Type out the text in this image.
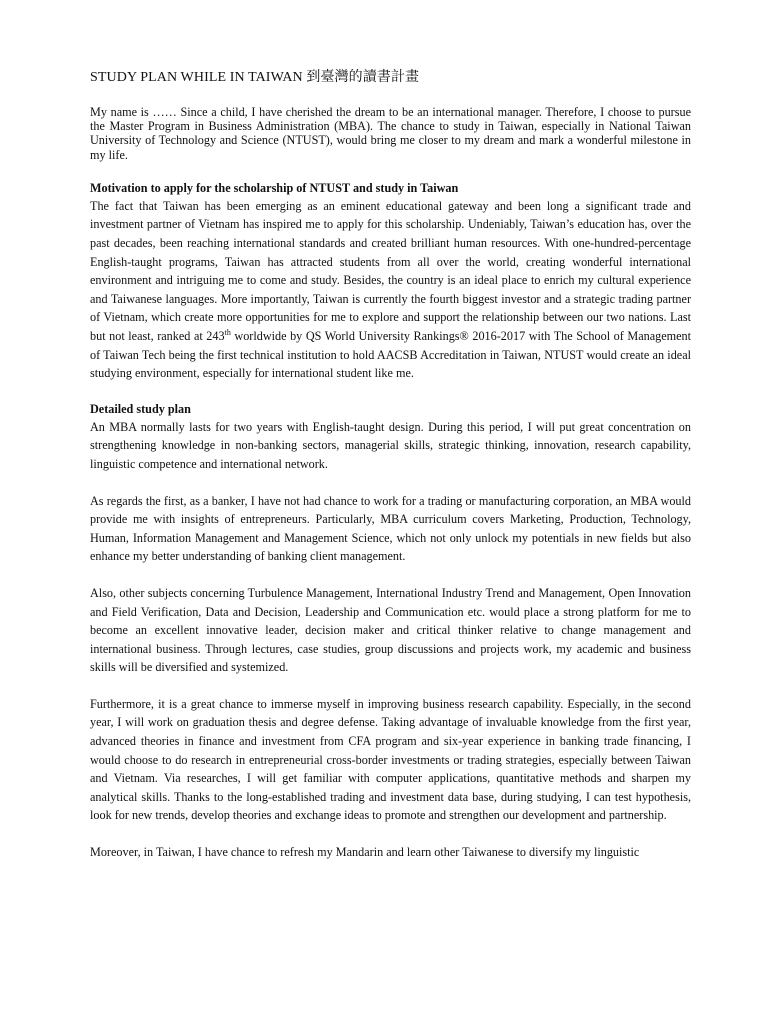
STUDY PLAN WHILE IN TAIWAN 到臺灣的讀書計畫

My name is …… Since a child, I have cherished the dream to be an international manager. Therefore, I choose to pursue the Master Program in Business Administration (MBA). The chance to study in Taiwan, especially in National Taiwan University of Technology and Science (NTUST), would bring me closer to my dream and mark a wonderful milestone in my life.

Motivation to apply for the scholarship of NTUST and study in Taiwan

The fact that Taiwan has been emerging as an eminent educational gateway and been long a significant trade and investment partner of Vietnam has inspired me to apply for this scholarship. Undeniably, Taiwan’s education has, over the past decades, been reaching international standards and created brilliant human resources. With one-hundred-percentage English-taught programs, Taiwan has attracted students from all over the world, creating wonderful international environment and intriguing me to come and study. Besides, the country is an ideal place to enrich my cultural experience and Taiwanese languages. More importantly, Taiwan is currently the fourth biggest investor and a strategic trading partner of Vietnam, which create more opportunities for me to explore and support the relationship between our two nations. Last but not least, ranked at 243th worldwide by QS World University Rankings® 2016-2017 with The School of Management of Taiwan Tech being the first technical institution to hold AACSB Accreditation in Taiwan, NTUST would create an ideal studying environment, especially for international student like me.

Detailed study plan

An MBA normally lasts for two years with English-taught design. During this period, I will put great concentration on strengthening knowledge in non-banking sectors, managerial skills, strategic thinking, innovation, research capability, linguistic competence and international network.

As regards the first, as a banker, I have not had chance to work for a trading or manufacturing corporation, an MBA would provide me with insights of entrepreneurs. Particularly, MBA curriculum covers Marketing, Production, Technology, Human, Information Management and Management Science, which not only unlock my potentials in new fields but also enhance my better understanding of banking client management.

Also, other subjects concerning Turbulence Management, International Industry Trend and Management, Open Innovation and Field Verification, Data and Decision, Leadership and Communication etc. would place a strong platform for me to become an excellent innovative leader, decision maker and critical thinker relative to change management and international business. Through lectures, case studies, group discussions and projects work, my academic and business skills will be diversified and systemized.

Furthermore, it is a great chance to immerse myself in improving business research capability. Especially, in the second year, I will work on graduation thesis and degree defense. Taking advantage of invaluable knowledge from the first year, advanced theories in finance and investment from CFA program and six-year experience in banking trade financing, I would choose to do research in entrepreneurial cross-border investments or trading strategies, especially between Taiwan and Vietnam. Via researches, I will get familiar with computer applications, quantitative methods and sharpen my analytical skills. Thanks to the long-established trading and investment data base, during studying, I can test hypothesis, look for new trends, develop theories and exchange ideas to promote and strengthen our development and partnership.

Moreover, in Taiwan, I have chance to refresh my Mandarin and learn other Taiwanese to diversify my linguistic
